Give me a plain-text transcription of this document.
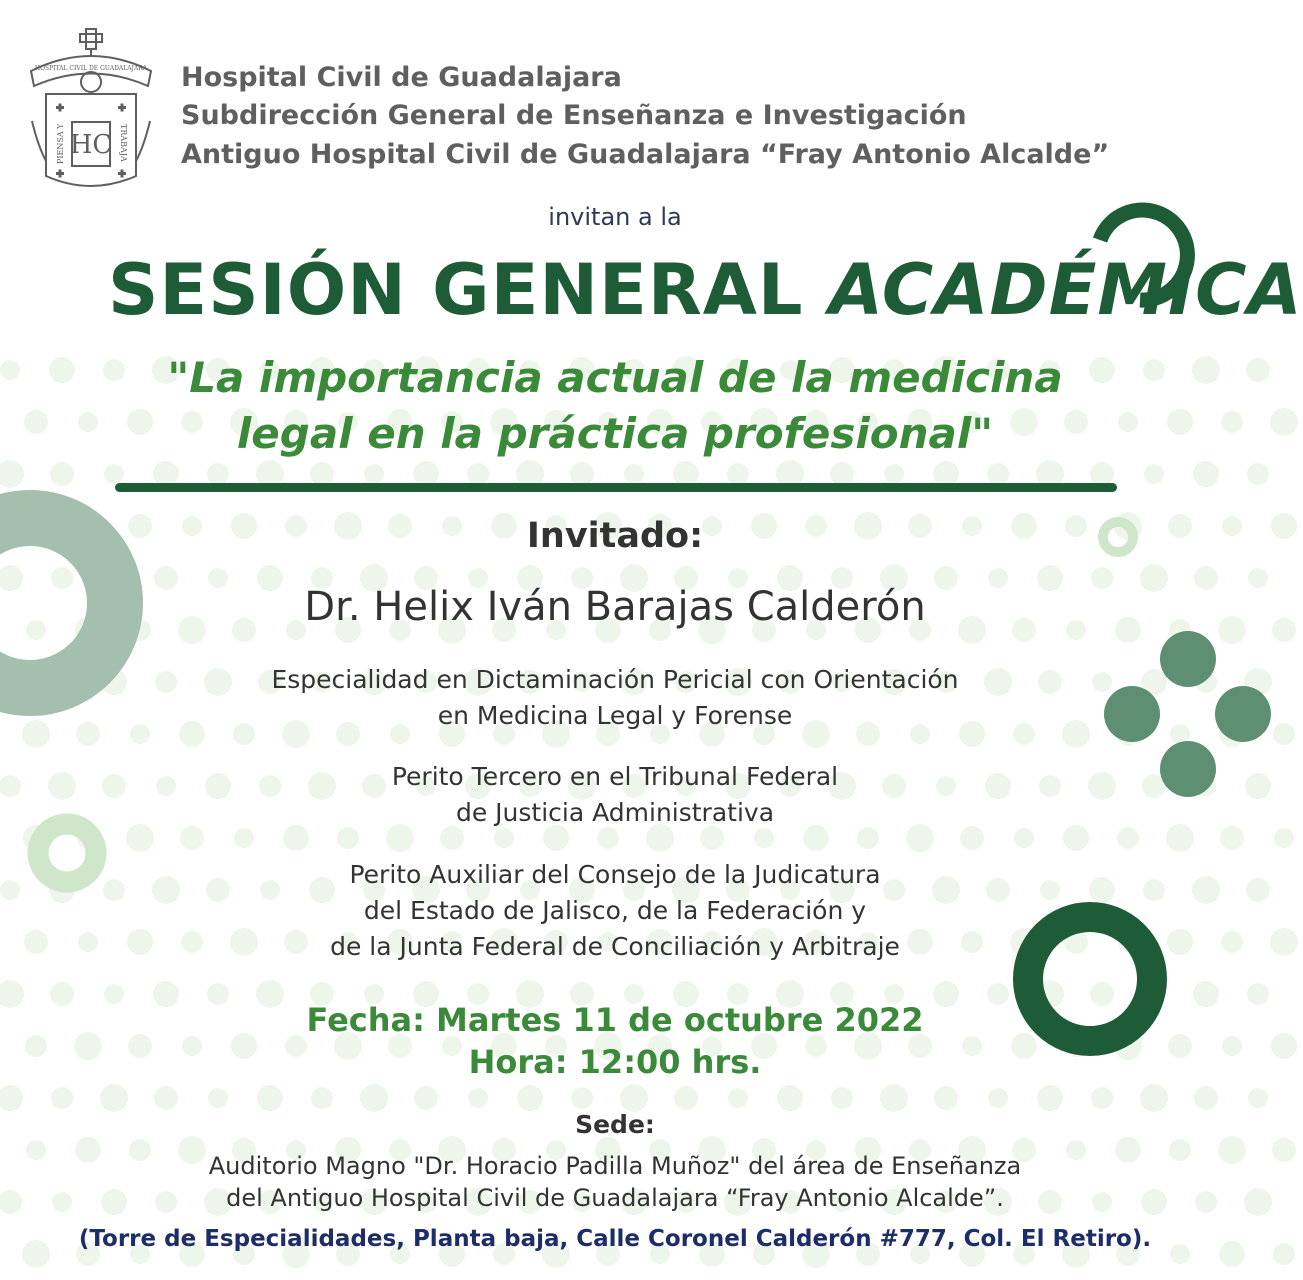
HOSPITAL CIVIL DE GUADALAJARA
HC
PIENSA Y	TRABAJA
Hospital Civil de Guadalajara
Subdirección General de Enseñanza e Investigación
Antiguo Hospital Civil de Guadalajara “Fray Antonio Alcalde”
invitan a la
SESIÓN GENERAL ACADÉMICA
"La importancia actual de la medicina
legal en la práctica profesional"
Invitado:
Dr. Helix Iván Barajas Calderón
Especialidad en Dictaminación Pericial con Orientación
en Medicina Legal y Forense
Perito Tercero en el Tribunal Federal
de Justicia Administrativa
Perito Auxiliar del Consejo de la Judicatura
del Estado de Jalisco, de la Federación y
de la Junta Federal de Conciliación y Arbitraje
Fecha: Martes 11 de octubre 2022
Hora: 12:00 hrs.
Sede:
Auditorio Magno "Dr. Horacio Padilla Muñoz" del área de Enseñanza
del Antiguo Hospital Civil de Guadalajara “Fray Antonio Alcalde”.
(Torre de Especialidades, Planta baja, Calle Coronel Calderón #777, Col. El Retiro).
